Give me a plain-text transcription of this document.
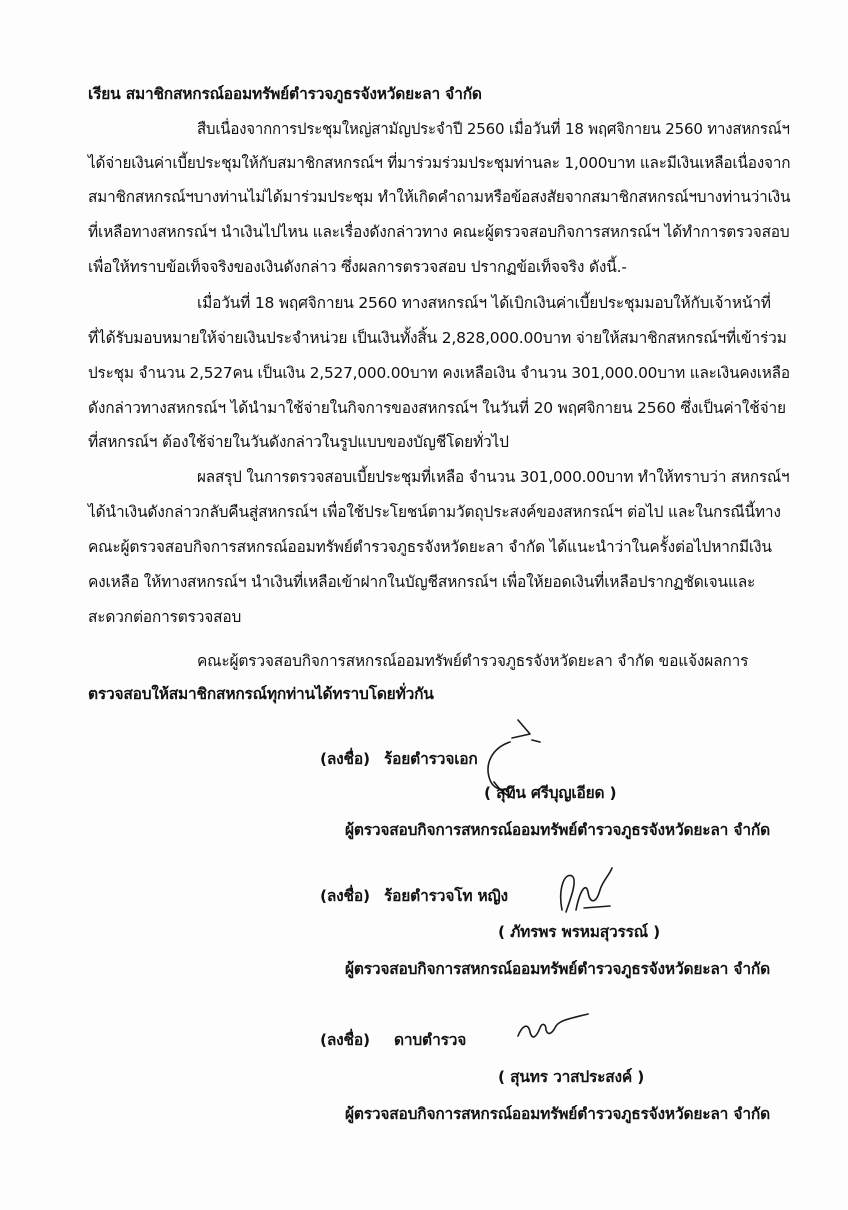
เรียน สมาชิกสหกรณ์ออมทรัพย์ตำรวจภูธรจังหวัดยะลา จำกัด
สืบเนื่องจากการประชุมใหญ่สามัญประจำปี 2560 เมื่อวันที่ 18 พฤศจิกายน 2560 ทางสหกรณ์ฯ
ได้จ่ายเงินค่าเบี้ยประชุมให้กับสมาชิกสหกรณ์ฯ ที่มาร่วมร่วมประชุมท่านละ 1,000บาท และมีเงินเหลือเนื่องจาก
สมาชิกสหกรณ์ฯบางท่านไม่ได้มาร่วมประชุม ทำให้เกิดคำถามหรือข้อสงสัยจากสมาชิกสหกรณ์ฯบางท่านว่าเงิน
ที่เหลือทางสหกรณ์ฯ นำเงินไปไหน และเรื่องดังกล่าวทาง คณะผู้ตรวจสอบกิจการสหกรณ์ฯ ได้ทำการตรวจสอบ
เพื่อให้ทราบข้อเท็จจริงของเงินดังกล่าว ซึ่งผลการตรวจสอบ ปรากฏข้อเท็จจริง ดังนี้.-
เมื่อวันที่ 18 พฤศจิกายน 2560 ทางสหกรณ์ฯ ได้เบิกเงินค่าเบี้ยประชุมมอบให้กับเจ้าหน้าที่
ที่ได้รับมอบหมายให้จ่ายเงินประจำหน่วย เป็นเงินทั้งสิ้น 2,828,000.00บาท จ่ายให้สมาชิกสหกรณ์ฯที่เข้าร่วม
ประชุม จำนวน 2,527คน เป็นเงิน 2,527,000.00บาท คงเหลือเงิน จำนวน 301,000.00บาท และเงินคงเหลือ
ดังกล่าวทางสหกรณ์ฯ ได้นำมาใช้จ่ายในกิจการของสหกรณ์ฯ ในวันที่ 20 พฤศจิกายน 2560 ซึ่งเป็นค่าใช้จ่าย
ที่สหกรณ์ฯ ต้องใช้จ่ายในวันดังกล่าวในรูปแบบของบัญชีโดยทั่วไป
ผลสรุป ในการตรวจสอบเบี้ยประชุมที่เหลือ จำนวน 301,000.00บาท ทำให้ทราบว่า สหกรณ์ฯ
ได้นำเงินดังกล่าวกลับคืนสู่สหกรณ์ฯ เพื่อใช้ประโยชน์ตามวัตถุประสงค์ของสหกรณ์ฯ ต่อไป และในกรณีนี้ทาง
คณะผู้ตรวจสอบกิจการสหกรณ์ออมทรัพย์ตำรวจภูธรจังหวัดยะลา จำกัด ได้แนะนำว่าในครั้งต่อไปหากมีเงิน
คงเหลือ ให้ทางสหกรณ์ฯ นำเงินที่เหลือเข้าฝากในบัญชีสหกรณ์ฯ เพื่อให้ยอดเงินที่เหลือปรากฏชัดเจนและ
สะดวกต่อการตรวจสอบ
คณะผู้ตรวจสอบกิจการสหกรณ์ออมทรัพย์ตำรวจภูธรจังหวัดยะลา จำกัด ขอแจ้งผลการ
ตรวจสอบให้สมาชิกสหกรณ์ทุกท่านได้ทราบโดยทั่วกัน
(ลงชื่อ) ร้อยตำรวจเอก
( สุทิน ศรีบุญเอียด )
ผู้ตรวจสอบกิจการสหกรณ์ออมทรัพย์ตำรวจภูธรจังหวัดยะลา จำกัด
(ลงชื่อ) ร้อยตำรวจโท หญิง
( ภัทรพร พรหมสุวรรณ์ )
ผู้ตรวจสอบกิจการสหกรณ์ออมทรัพย์ตำรวจภูธรจังหวัดยะลา จำกัด
(ลงชื่อ) ดาบตำรวจ
( สุนทร วาสประสงค์ )
ผู้ตรวจสอบกิจการสหกรณ์ออมทรัพย์ตำรวจภูธรจังหวัดยะลา จำกัด
